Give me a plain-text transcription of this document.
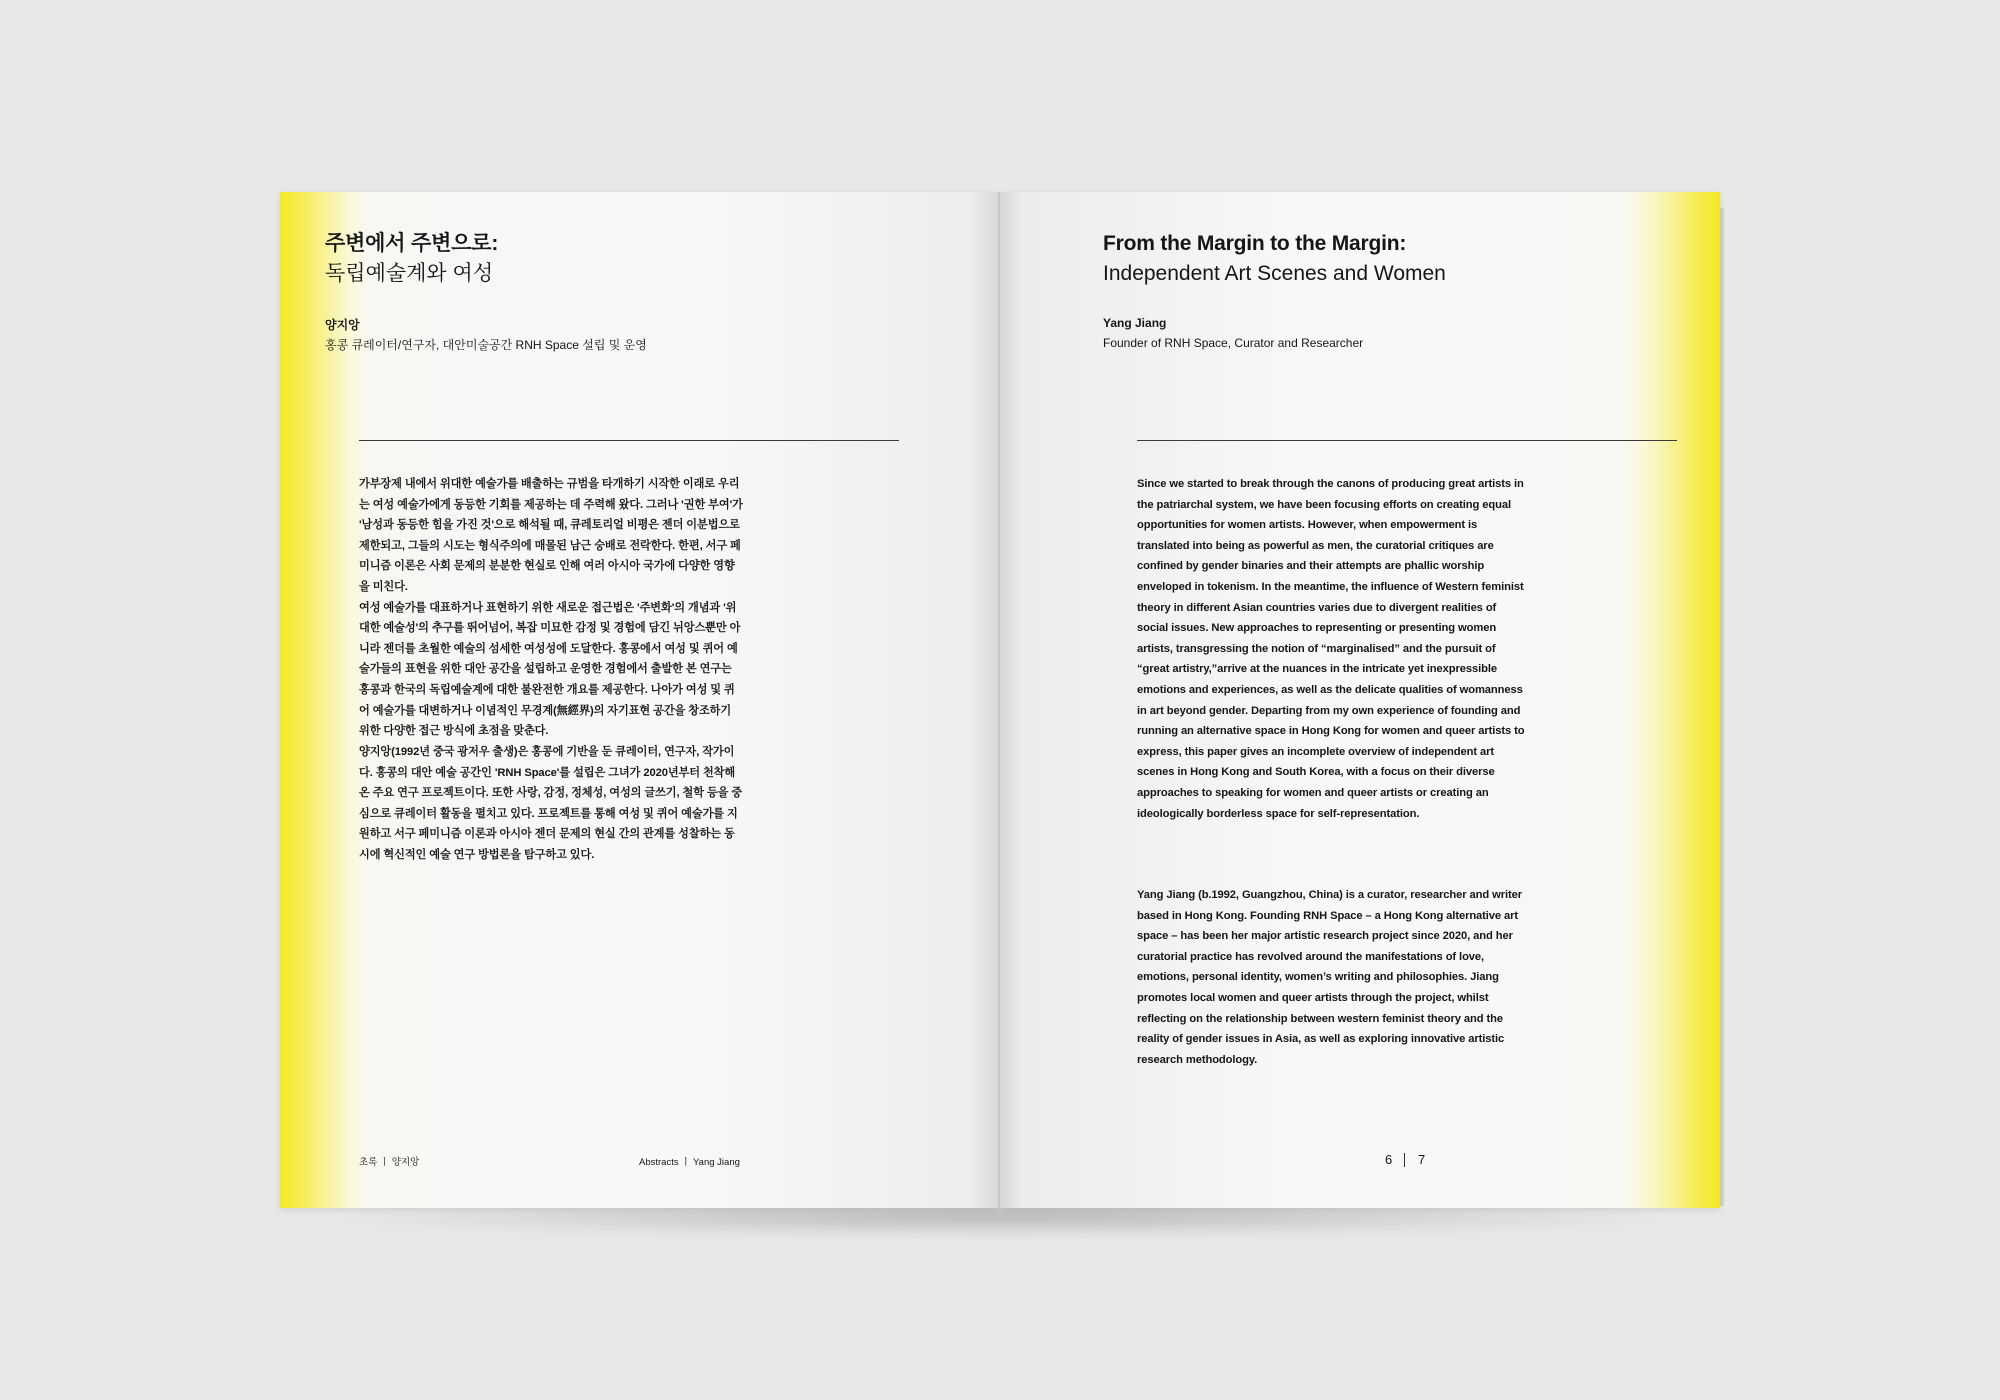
주변에서 주변으로:
독립예술계와 여성
양지앙
홍콩 큐레이터/연구자, 대안미술공간 RNH Space 설립 및 운영

가부장제 내에서 위대한 예술가를 배출하는 규범을 타개하기 시작한 이래로 우리는 여성 예술가에게 동등한 기회를 제공하는 데 주력해 왔다. 그러나 '권한 부여'가 '남성과 동등한 힘을 가진 것'으로 해석될 때, 큐레토리얼 비평은 젠더 이분법으로 제한되고, 그들의 시도는 형식주의에 매몰된 남근 숭배로 전락한다. 한편, 서구 페미니즘 이론은 사회 문제의 분분한 현실로 인해 여러 아시아 국가에 다양한 영향을 미친다.
여성 예술가를 대표하거나 표현하기 위한 새로운 접근법은 '주변화'의 개념과 '위대한 예술성'의 추구를 뛰어넘어, 복잡 미묘한 감정 및 경험에 담긴 뉘앙스뿐만 아니라 젠더를 초월한 예술의 섬세한 여성성에 도달한다. 홍콩에서 여성 및 퀴어 예술가들의 표현을 위한 대안 공간을 설립하고 운영한 경험에서 출발한 본 연구는 홍콩과 한국의 독립예술계에 대한 불완전한 개요를 제공한다. 나아가 여성 및 퀴어 예술가를 대변하거나 이념적인 무경계(無經界)의 자기표현 공간을 창조하기 위한 다양한 접근 방식에 초점을 맞춘다.

양지앙(1992년 중국 광저우 출생)은 홍콩에 기반을 둔 큐레이터, 연구자, 작가이다. 홍콩의 대안 예술 공간인 'RNH Space'를 설립은 그녀가 2020년부터 천착해온 주요 연구 프로젝트이다. 또한 사랑, 감정, 정체성, 여성의 글쓰기, 철학 등을 중심으로 큐레이터 활동을 펼치고 있다. 프로젝트를 통해 여성 및 퀴어 예술가를 지원하고 서구 페미니즘 이론과 아시아 젠더 문제의 현실 간의 관계를 성찰하는 동시에 혁신적인 예술 연구 방법론을 탐구하고 있다.

초록 ㅣ 양지앙	Abstracts ㅣ Yang Jiang
From the Margin to the Margin:
Independent Art Scenes and Women
Yang Jiang
Founder of RNH Space, Curator and Researcher

Since we started to break through the canons of producing great artists in the patriarchal system, we have been focusing efforts on creating equal opportunities for women artists. However, when empowerment is translated into being as powerful as men, the curatorial critiques are confined by gender binaries and their attempts are phallic worship enveloped in tokenism. In the meantime, the influence of Western feminist theory in different Asian countries varies due to divergent realities of social issues. New approaches to representing or presenting women artists, transgressing the notion of “marginalised” and the pursuit of “great artistry,”arrive at the nuances in the intricate yet inexpressible emotions and experiences, as well as the delicate qualities of womanness in art beyond gender. Departing from my own experience of founding and running an alternative space in Hong Kong for women and queer artists to express, this paper gives an incomplete overview of independent art scenes in Hong Kong and South Korea, with a focus on their diverse approaches to speaking for women and queer artists or creating an ideologically borderless space for self-representation.

Yang Jiang (b.1992, Guangzhou, China) is a curator, researcher and writer based in Hong Kong. Founding RNH Space – a Hong Kong alternative art space – has been her major artistic research project since 2020, and her curatorial practice has revolved around the manifestations of love, emotions, personal identity, women’s writing and philosophies. Jiang promotes local women and queer artists through the project, whilst reflecting on the relationship between western feminist theory and the reality of gender issues in Asia, as well as exploring innovative artistic research methodology.

6 7
